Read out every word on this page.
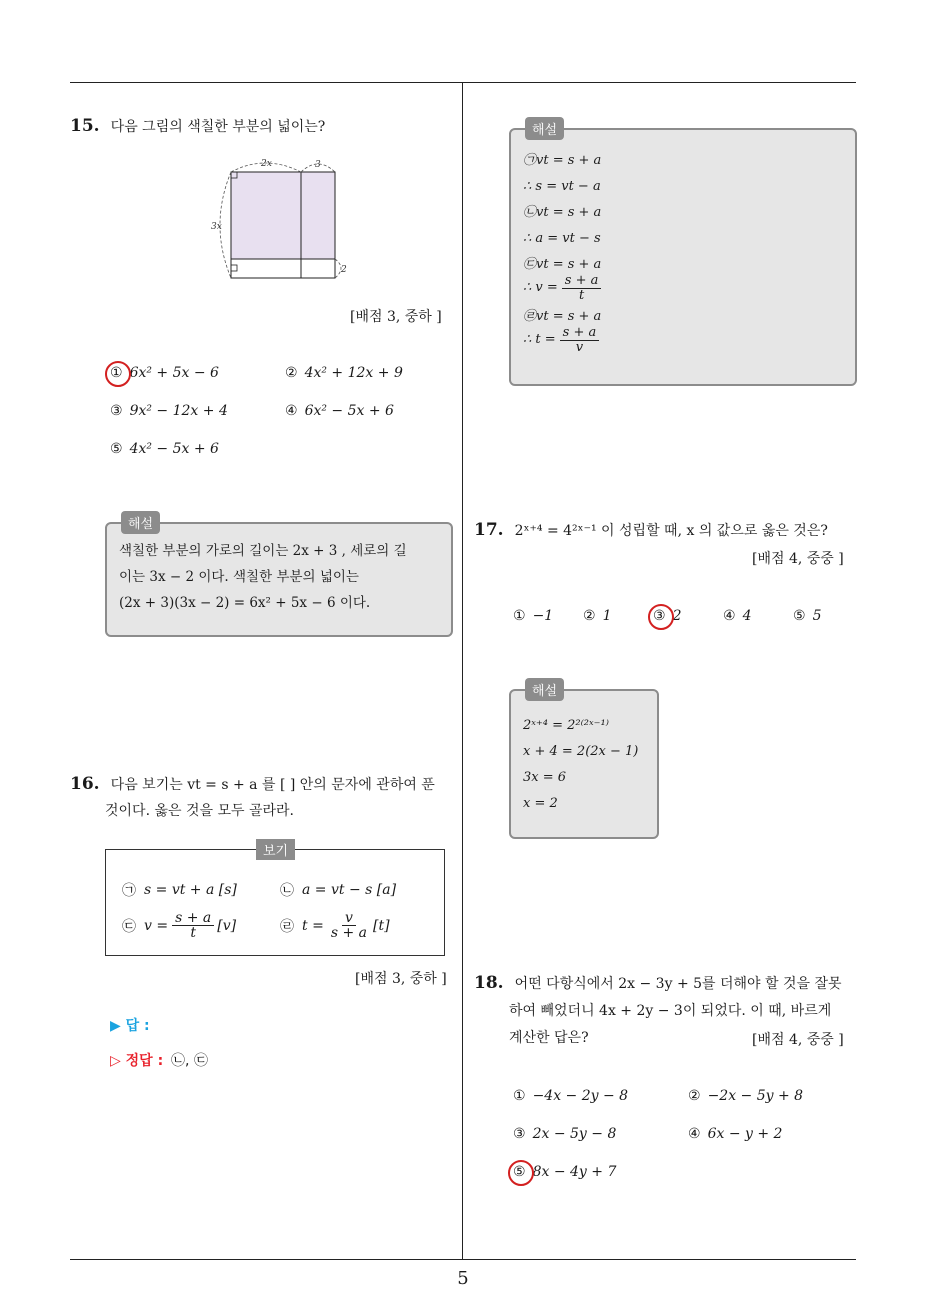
15. 다음 그림의 색칠한 부분의 넓이는?
2x	3
3x
2
[배점 3, 중하 ]
① 6x² + 5x − 6	② 4x² + 12x + 9
③ 9x² − 12x + 4	④ 6x² − 5x + 6
⑤ 4x² − 5x + 6
해설
색칠한 부분의 가로의 길이는 2x + 3 , 세로의 길
이는 3x − 2 이다. 색칠한 부분의 넓이는
(2x + 3)(3x − 2) = 6x² + 5x − 6 이다.
16. 다음 보기는 vt = s + a 를 [ ] 안의 문자에 관하여 푼
것이다. 옳은 것을 모두 골라라.
보기
㉠ s = vt + a [s]	㉡ a = vt − s [a]
㉢ $v = \frac{s + a}{t} [v]$	㉣ $t = \frac{v}{s + a} [t]$
[배점 3, 중하 ]
▶ 답 :
▷ 정답 : ㉡, ㉢
해설
㉠vt = s + a
∴ s = vt − a
㉡vt = s + a
∴ a = vt − s
㉢vt = s + a
∴ $v = \frac{s + a}{t}$
㉣vt = s + a
∴ $t = \frac{s + a}{v}$
17. 2ˣ⁺⁴ = 4²ˣ⁻¹ 이 성립할 때, x 의 값으로 옳은 것은?
[배점 4, 중중 ]
① −1 ② 1	③ 2	④ 4	⑤ 5
해설
2ˣ⁺⁴ = 2²⁽²ˣ⁻¹⁾
x + 4 = 2(2x − 1)
3x = 6
x = 2
18. 어떤 다항식에서 2x − 3y + 5를 더해야 할 것을 잘못
하여 빼었더니 4x + 2y − 3이 되었다. 이 때, 바르게
계산한 답은?	[배점 4, 중중 ]
① −4x − 2y − 8	② −2x − 5y + 8
③ 2x − 5y − 8	④ 6x − y + 2
⑤ 8x − 4y + 7
5
